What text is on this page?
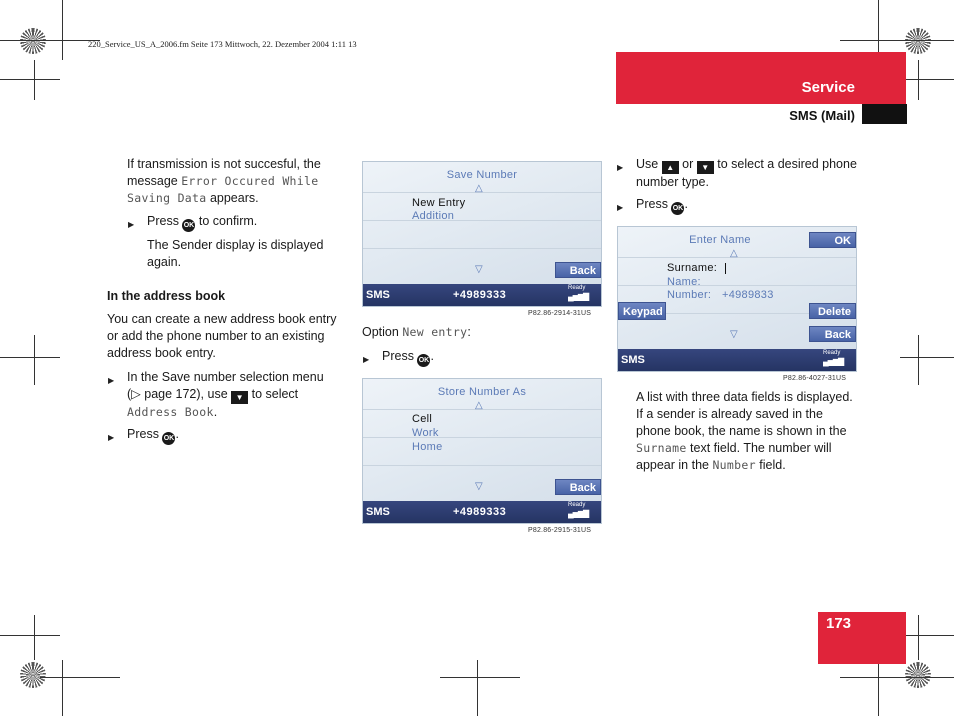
220_Service_US_A_2006.fm Seite 173 Mittwoch, 22. Dezember 2004 1:11 13
Service
SMS (Mail)
173
If transmission is not succesful, the message Error Occured While Saving Data appears.
▶ Press OK to confirm.
The Sender display is displayed again.
In the address book
You can create a new address book entry or add the phone number to an existing address book entry.
▶ In the Save number selection menu (▷ page 172), use ▼ to select Address Book.
▶ Press OK.
Save Number
△
New Entry
Addition
▽	Back
SMS	+4989333
Ready
▄▅▆▇
P82.86-2914-31US
Option New entry:
▶ Press OK.
Store Number As
△
Cell
Work
Home
▽	Back
SMS	+4989333
Ready
▄▅▆▇
P82.86-2915-31US
▶ Use ▲ or ▼ to select a desired phone number type.
▶ Press OK.
Enter Name	OK
△
Surname:
Name:
Number: +4989833
Keypad	Delete
Back
▽
SMS
Ready
▄▅▆▇
P82.86-4027-31US
A list with three data fields is displayed. If a sender is already saved in the phone book, the name is shown in the Surname text field. The number will appear in the Number field.
